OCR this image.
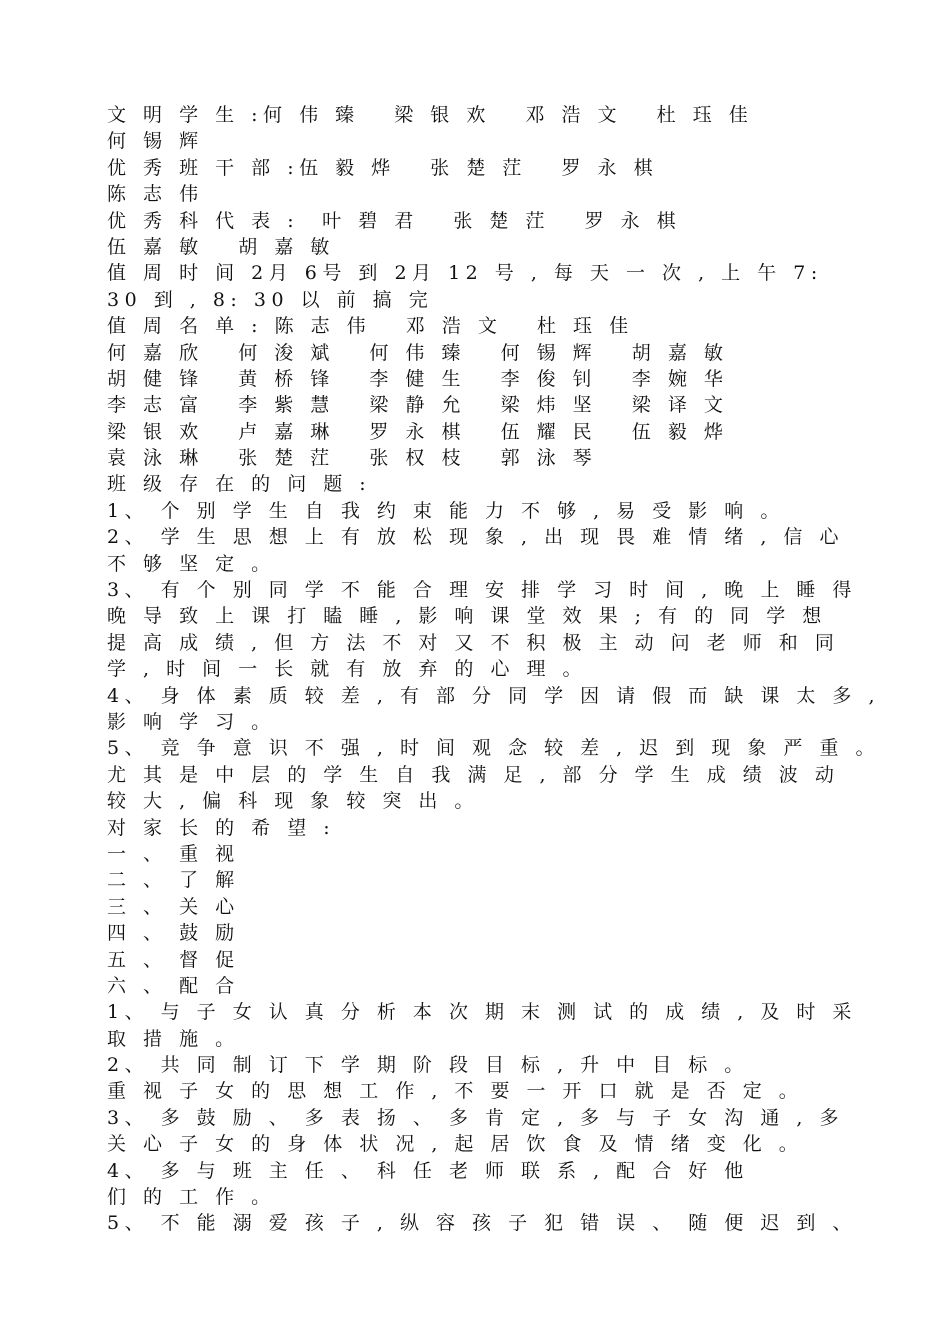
文 明 学 生 :何 伟 臻   梁 银 欢   邓 浩 文   杜 珏 佳
何 锡 辉
优 秀 班 干 部 :伍 毅 烨   张 楚 茳   罗 永 棋
陈 志 伟
优 秀 科 代 表 :  叶 碧 君   张 楚 茳   罗 永 棋
伍 嘉 敏   胡 嘉 敏
值 周 时 间 2月 6号 到 2月 12 号 , 每 天 一 次 , 上 午 7:
30 到 , 8: 30 以 前 搞 完
值 周 名 单 : 陈 志 伟   邓 浩 文   杜 珏 佳
何 嘉 欣   何 浚 斌   何 伟 臻   何 锡 辉   胡 嘉 敏
胡 健 锋   黄 桥 锋   李 健 生   李 俊 钊   李 婉 华
李 志 富   李 紫 慧   梁 静 允   梁 炜 坚   梁 译 文
梁 银 欢   卢 嘉 琳   罗 永 棋   伍 耀 民   伍 毅 烨
袁 泳 琳   张 楚 茳   张 权 枝   郭 泳 琴
班 级 存 在 的 问 题 :
1、 个 别 学 生 自 我 约 束 能 力 不 够 , 易 受 影 响 。
2、 学 生 思 想 上 有 放 松 现 象 , 出 现 畏 难 情 绪 , 信 心
不 够 坚 定 。
3、 有 个 别 同 学 不 能 合 理 安 排 学 习 时 间 , 晚 上 睡 得
晚 导 致 上 课 打 瞌 睡 , 影 响 课 堂 效 果 ; 有 的 同 学 想
提 高 成 绩 , 但 方 法 不 对 又 不 积 极 主 动 问 老 师 和 同
学 , 时 间 一 长 就 有 放 弃 的 心 理 。
4、 身 体 素 质 较 差 , 有 部 分 同 学 因 请 假 而 缺 课 太 多 ,
影 响 学 习 。
5、 竞 争 意 识 不 强 , 时 间 观 念 较 差 , 迟 到 现 象 严 重 。
尤 其 是 中 层 的 学 生 自 我 满 足 , 部 分 学 生 成 绩 波 动
较 大 , 偏 科 现 象 较 突 出 。
对 家 长 的 希 望 :
一 、 重 视
二 、 了 解
三 、 关 心
四 、 鼓 励
五 、 督 促
六 、 配 合
1、 与 子 女 认 真 分 析 本 次 期 末 测 试 的 成 绩 , 及 时 采
取 措 施 。
2、 共 同 制 订 下 学 期 阶 段 目 标 , 升 中 目 标 。
重 视 子 女 的 思 想 工 作 , 不 要 一 开 口 就 是 否 定 。
3、 多 鼓 励 、 多 表 扬 、 多 肯 定 , 多 与 子 女 沟 通 , 多
关 心 子 女 的 身 体 状 况 , 起 居 饮 食 及 情 绪 变 化 。
4、 多 与 班 主 任 、 科 任 老 师 联 系 , 配 合 好 他
们 的 工 作 。
5、 不 能 溺 爱 孩 子 , 纵 容 孩 子 犯 错 误 、 随 便 迟 到 、
